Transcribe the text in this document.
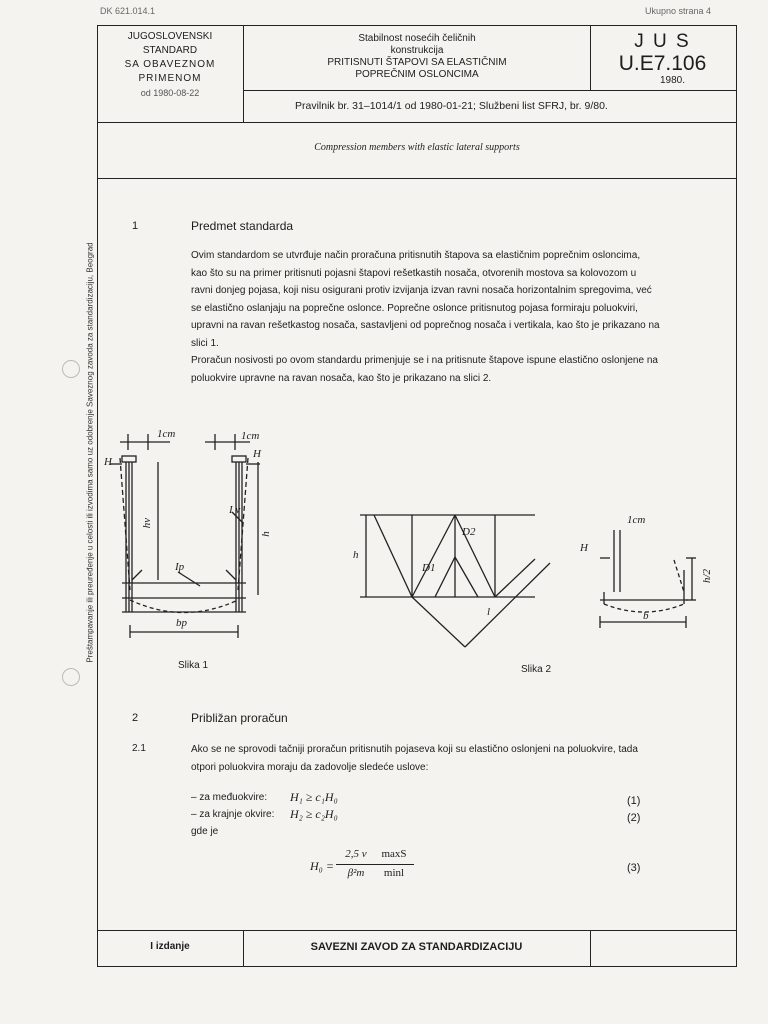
DK 621.014.1	Ukupno strana 4
JUGOSLOVENSKI
STANDARD
SA OBAVEZNOM
PRIMENOM
od 1980-08-22
Stabilnost nosećih čeličnih
konstrukcija
PRITISNUTI ŠTAPOVI SA ELASTIČNIM
POPREČNIM OSLONCIMA
J U S
U.E7.106
1980.
Pravilnik br. 31–1014/1 od 1980-01-21; Službeni list SFRJ, br. 9/80.
Compression members with elastic lateral supports
Preštampavanje ili preuređenje u celosti ili izvodima samo uz odobrenje Saveznog zavoda za standardizaciju, Beograd
1	Predmet standarda
Ovim standardom se utvrđuje način proračuna pritisnutih štapova sa elastičnim poprečnim osloncima,
kao što su na primer pritisnuti pojasni štapovi rešetkastih nosača, otvorenih mostova sa kolovozom u
ravni donjeg pojasa, koji nisu osigurani protiv izvijanja izvan ravni nosača horizontalnim spregovima, već
se elastično oslanjaju na poprečne oslonce. Poprečne oslonce pritisnutog pojasa formiraju poluokviri,
upravni na ravan rešetkastog nosača, sastavljeni od poprečnog nosača i vertikala, kao što je prikazano na
slici 1.
Proračun nosivosti po ovom standardu primenjuje se i na pritisnute štapove ispune elastično oslonjene na
poluokvire upravne na ravan nosača, kao što je prikazano na slici 2.
1cm	1cm
H
H
I v
hv
h
Ip
bp
Slika 1
h
D1
D2
l
Slika 2
1cm
H
h/2
b
2	Približan proračun
2.1	Ako se ne sprovodi tačniji proračun pritisnutih pojaseva koji su elastično oslonjeni na poluokvire, tada
otpori poluokvira moraju da zadovolje sledeće uslove:
– za međuokvire: H₁ ≥ c₁H₀	(1)
– za krajnje okvire: H₂ ≥ c₂H₀	(2)
gde je
H₀ =
2,5 ν
β²m
maxS
minl	(3)
I izdanje	SAVEZNI ZAVOD ZA STANDARDIZACIJU
